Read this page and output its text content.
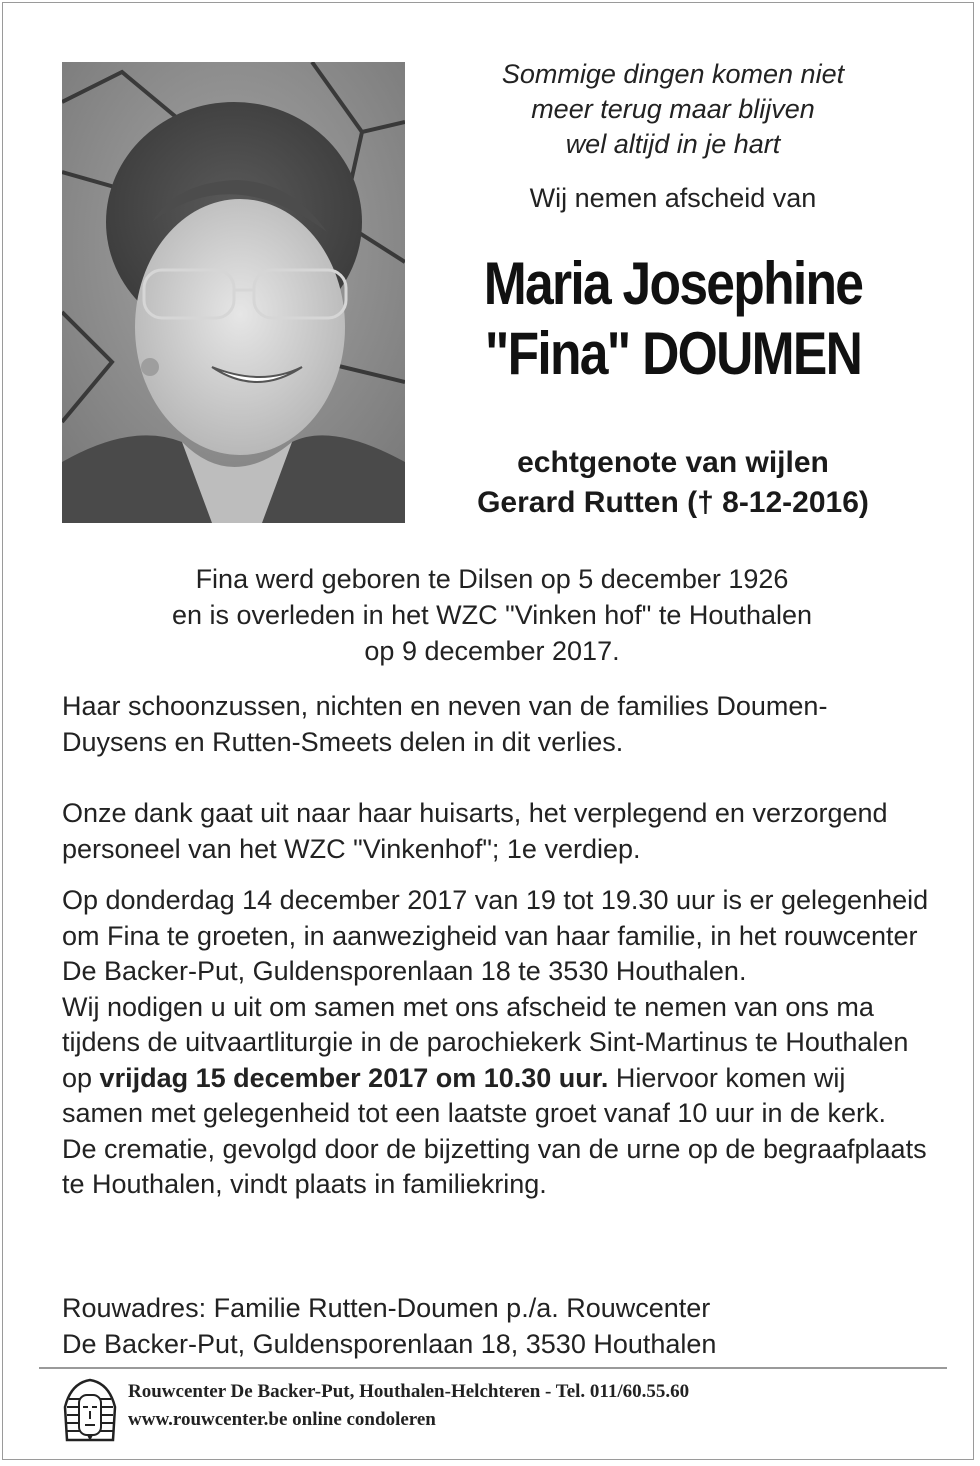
Sommige dingen komen niet
meer terug maar blijven
wel altijd in je hart
Wij nemen afscheid van
Maria Josephine
"Fina" DOUMEN
echtgenote van wijlen
Gerard Rutten († 8-12-2016)
Fina werd geboren te Dilsen op 5 december 1926
en is overleden in het WZC "Vinken hof" te Houthalen
op 9 december 2017.
Haar schoonzussen, nichten en neven van de families Doumen-Duysens en Rutten-Smeets delen in dit verlies.
Onze dank gaat uit naar haar huisarts, het verplegend en verzorgend personeel van het WZC "Vinkenhof"; 1e verdiep.
Op donderdag 14 december 2017 van 19 tot 19.30 uur is er gelegenheid om Fina te groeten, in aanwezigheid van haar familie, in het rouwcenter De Backer-Put, Guldensporenlaan 18 te 3530 Houthalen.
Wij nodigen u uit om samen met ons afscheid te nemen van ons ma tijdens de uitvaartliturgie in de parochiekerk Sint-Martinus te Houthalen op vrijdag 15 december 2017 om 10.30 uur. Hiervoor komen wij samen met gelegenheid tot een laatste groet vanaf 10 uur in de kerk.
De crematie, gevolgd door de bijzetting van de urne op de begraafplaats te Houthalen, vindt plaats in familiekring.
Rouwadres: Familie Rutten-Doumen p./a. Rouwcenter
De Backer-Put, Guldensporenlaan 18, 3530 Houthalen
Rouwcenter De Backer-Put, Houthalen-Helchteren - Tel. 011/60.55.60
www.rouwcenter.be online condoleren
